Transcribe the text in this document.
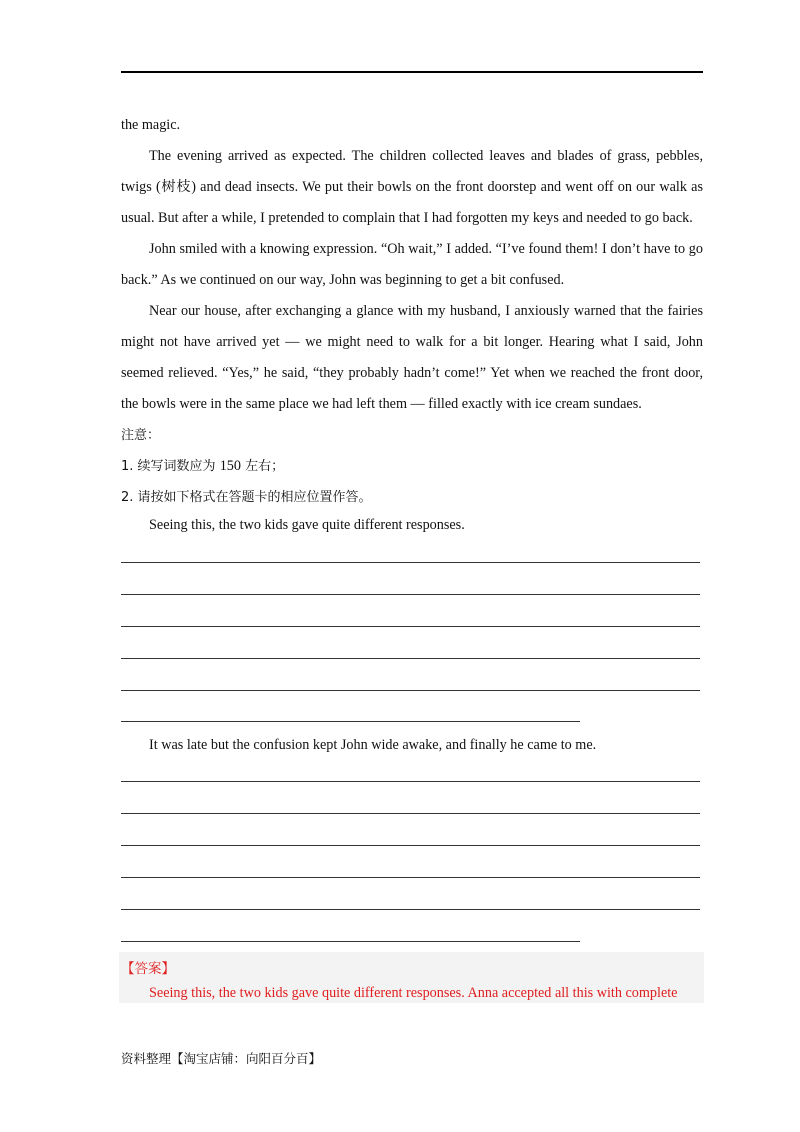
the magic.

The evening arrived as expected. The children collected leaves and blades of grass, pebbles, twigs (树枝) and dead insects. We put their bowls on the front doorstep and went off on our walk as usual. But after a while, I pretended to complain that I had forgotten my keys and needed to go back.

John smiled with a knowing expression. “Oh wait,” I added. “I’ve found them! I don’t have to go back.” As we continued on our way, John was beginning to get a bit confused.

Near our house, after exchanging a glance with my husband, I anxiously warned that the fairies might not have arrived yet — we might need to walk for a bit longer. Hearing what I said, John seemed relieved. “Yes,” he said, “they probably hadn’t come!” Yet when we reached the front door, the bowls were in the same place we had left them — filled exactly with ice cream sundaes.

注意：

1. 续写词数应为 150 左右；

2. 请按如下格式在答题卡的相应位置作答。

Seeing this, the two kids gave quite different responses.
It was late but the confusion kept John wide awake, and finally he came to me.
【答案】
Seeing this, the two kids gave quite different responses. Anna accepted all this with complete
资料整理【淘宝店铺：向阳百分百】
